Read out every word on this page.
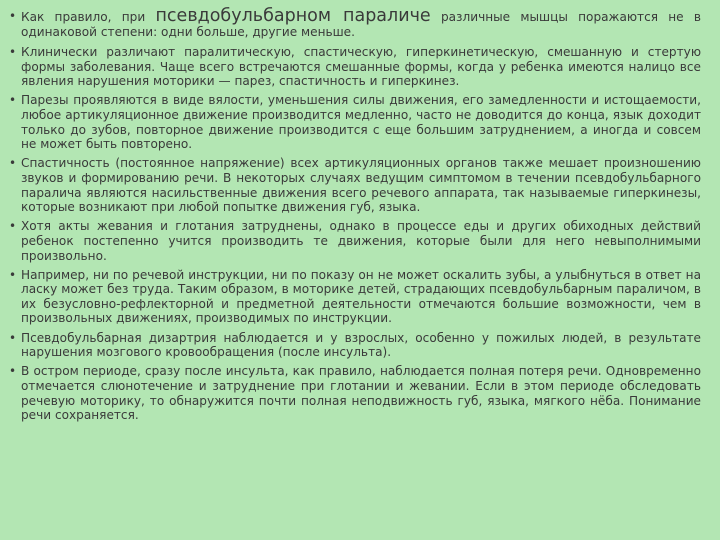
• Как правило, при псевдобульбарном параличе различные мышцы поражаются не в одинаковой степени: одни больше, другие меньше.
• Клинически различают паралитическую, спастическую, гиперкинетическую, смешанную и стертую формы заболевания. Чаще всего встречаются смешанные формы, когда у ребенка имеются налицо все явления нарушения моторики — парез, спастичность и гиперкинез.
• Парезы проявляются в виде вялости, уменьшения силы движения, его замедленности и истощаемости, любое артикуляционное движение производится медленно, часто не доводится до конца, язык доходит только до зубов, повторное движение производится с еще большим затруднением, а иногда и совсем не может быть повторено.
• Спастичность (постоянное напряжение) всех артикуляционных органов также мешает произношению звуков и формированию речи. В некоторых случаях ведущим симптомом в течении псевдобульбарного паралича являются насильственные движения всего речевого аппарата, так называемые гиперкинезы, которые возникают при любой попытке движения губ, языка.
• Хотя акты жевания и глотания затруднены, однако в процессе еды и других обиходных действий ребенок постепенно учится производить те движения, которые были для него невыполнимыми произвольно.
• Например, ни по речевой инструкции, ни по показу он не может оскалить зубы, а улыбнуться в ответ на ласку может без труда. Таким образом, в моторике детей, страдающих псевдобульбарным параличом, в их безусловно-рефлекторной и предметной деятельности отмечаются большие возможности, чем в произвольных движениях, производимых по инструкции.
• Псевдобульбарная дизартрия наблюдается и у взрослых, особенно у пожилых людей, в результате нарушения мозгового кровообращения (после инсульта).
• В остром периоде, сразу после инсульта, как правило, наблюдается полная потеря речи. Одновременно отмечается слюнотечение и затруднение при глотании и жевании. Если в этом периоде обследовать речевую моторику, то обнаружится почти полная неподвижность губ, языка, мягкого нёба. Понимание речи сохраняется.
